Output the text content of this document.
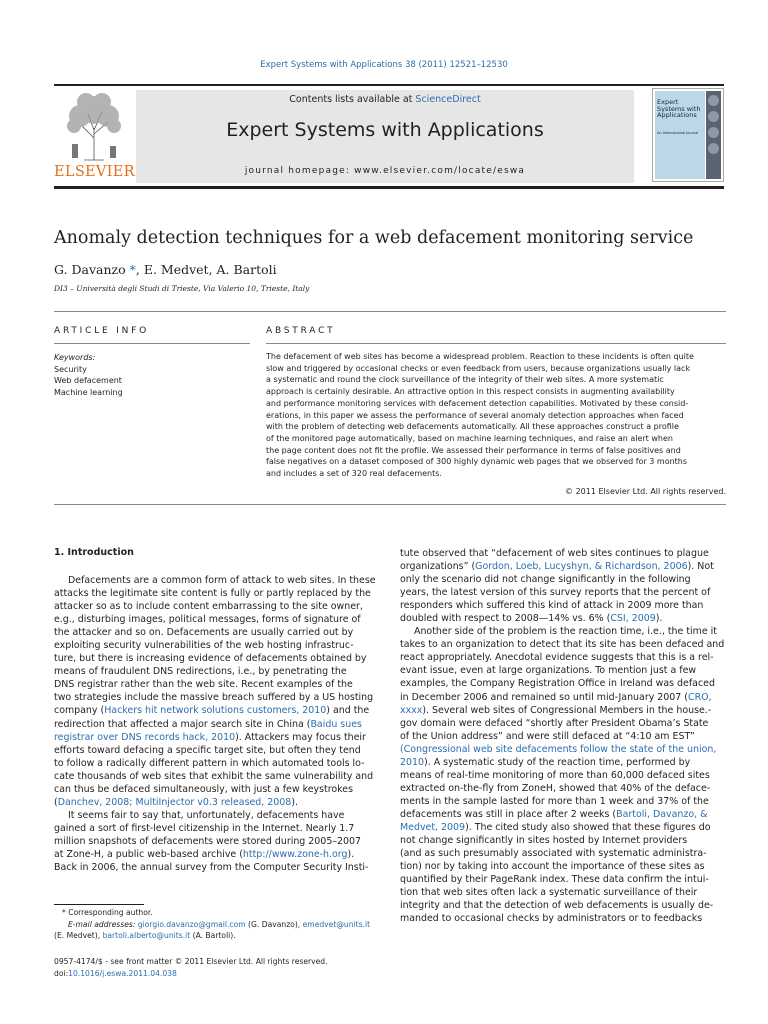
Expert Systems with Applications 38 (2011) 12521–12530
ELSEVIER
Contents lists available at ScienceDirect
Expert Systems with Applications
journal homepage: www.elsevier.com/locate/eswa
Expert Systems with Applications
An International Journal
Anomaly detection techniques for a web defacement monitoring service
G. Davanzo *, E. Medvet, A. Bartoli
DI3 – Università degli Studi di Trieste, Via Valerio 10, Trieste, Italy
ARTICLE INFO
Keywords:
Security
Web defacement
Machine learning
ABSTRACT
The defacement of web sites has become a widespread problem. Reaction to these incidents is often quite
slow and triggered by occasional checks or even feedback from users, because organizations usually lack
a systematic and round the clock surveillance of the integrity of their web sites. A more systematic
approach is certainly desirable. An attractive option in this respect consists in augmenting availability
and performance monitoring services with defacement detection capabilities. Motivated by these consid-
erations, in this paper we assess the performance of several anomaly detection approaches when faced
with the problem of detecting web defacements automatically. All these approaches construct a profile
of the monitored page automatically, based on machine learning techniques, and raise an alert when
the page content does not fit the profile. We assessed their performance in terms of false positives and
false negatives on a dataset composed of 300 highly dynamic web pages that we observed for 3 months
and includes a set of 320 real defacements.
© 2011 Elsevier Ltd. All rights reserved.
1. Introduction

Defacements are a common form of attack to web sites. In these

attacks the legitimate site content is fully or partly replaced by the

attacker so as to include content embarrassing to the site owner,

e.g., disturbing images, political messages, forms of signature of

the attacker and so on. Defacements are usually carried out by

exploiting security vulnerabilities of the web hosting infrastruc-

ture, but there is increasing evidence of defacements obtained by

means of fraudulent DNS redirections, i.e., by penetrating the

DNS registrar rather than the web site. Recent examples of the

two strategies include the massive breach suffered by a US hosting

company (Hackers hit network solutions customers, 2010) and the

redirection that affected a major search site in China (Baidu sues

registrar over DNS records hack, 2010). Attackers may focus their

efforts toward defacing a specific target site, but often they tend

to follow a radically different pattern in which automated tools lo-

cate thousands of web sites that exhibit the same vulnerability and

can thus be defaced simultaneously, with just a few keystrokes

(Danchev, 2008; MultiInjector v0.3 released, 2008).

It seems fair to say that, unfortunately, defacements have

gained a sort of first-level citizenship in the Internet. Nearly 1.7

million snapshots of defacements were stored during 2005–2007

at Zone-H, a public web-based archive (http://www.zone-h.org).

Back in 2006, the annual survey from the Computer Security Insti-

tute observed that “defacement of web sites continues to plague

organizations” (Gordon, Loeb, Lucyshyn, & Richardson, 2006). Not

only the scenario did not change significantly in the following

years, the latest version of this survey reports that the percent of

responders which suffered this kind of attack in 2009 more than

doubled with respect to 2008—14% vs. 6% (CSI, 2009).

Another side of the problem is the reaction time, i.e., the time it

takes to an organization to detect that its site has been defaced and

react appropriately. Anecdotal evidence suggests that this is a rel-

evant issue, even at large organizations. To mention just a few

examples, the Company Registration Office in Ireland was defaced

in December 2006 and remained so until mid-January 2007 (CRO,

xxxx). Several web sites of Congressional Members in the house.-

gov domain were defaced “shortly after President Obama’s State

of the Union address” and were still defaced at “4:10 am EST”

(Congressional web site defacements follow the state of the union,

2010). A systematic study of the reaction time, performed by

means of real-time monitoring of more than 60,000 defaced sites

extracted on-the-fly from ZoneH, showed that 40% of the deface-

ments in the sample lasted for more than 1 week and 37% of the

defacements was still in place after 2 weeks (Bartoli, Davanzo, &

Medvet, 2009). The cited study also showed that these figures do

not change significantly in sites hosted by Internet providers

(and as such presumably associated with systematic administra-

tion) nor by taking into account the importance of these sites as

quantified by their PageRank index. These data confirm the intui-

tion that web sites often lack a systematic surveillance of their

integrity and that the detection of web defacements is usually de-

manded to occasional checks by administrators or to feedbacks

* Corresponding author.

E-mail addresses: giorgio.davanzo@gmail.com (G. Davanzo), emedvet@units.it

(E. Medvet), bartoli.alberto@units.it (A. Bartoli).

0957-4174/$ - see front matter © 2011 Elsevier Ltd. All rights reserved.

doi:10.1016/j.eswa.2011.04.038
